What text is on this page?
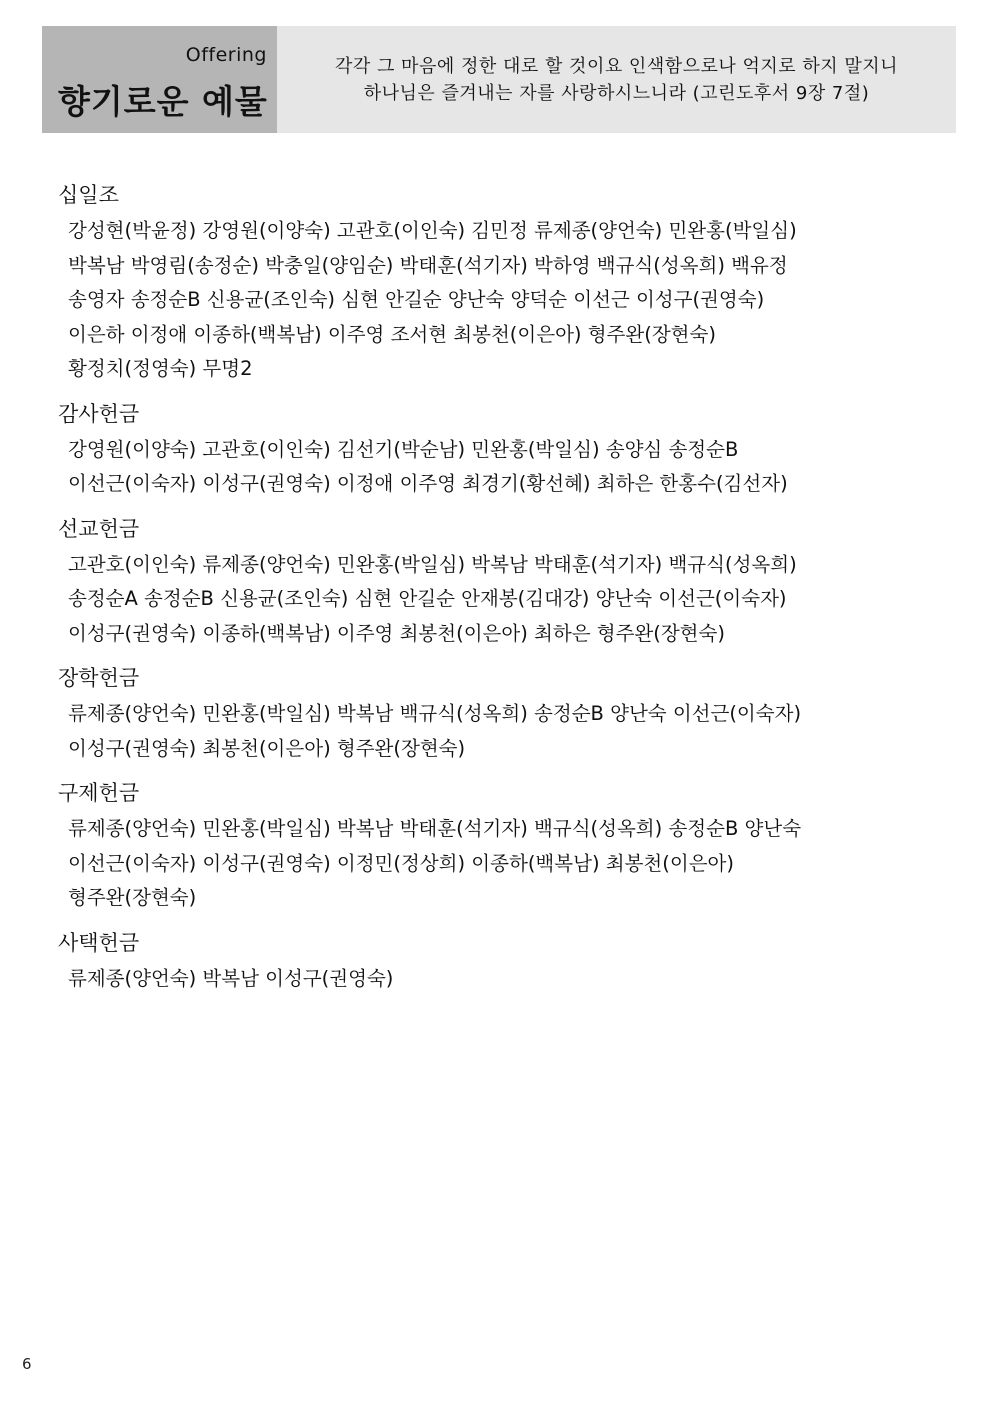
Offering
향기로운 예물
각각 그 마음에 정한 대로 할 것이요 인색함으로나 억지로 하지 말지니
하나님은 즐겨내는 자를 사랑하시느니라 (고린도후서 9장 7절)
십일조
강성현(박윤정) 강영원(이양숙) 고관호(이인숙) 김민정 류제종(양언숙) 민완홍(박일심)
박복남 박영림(송정순) 박충일(양임순) 박태훈(석기자) 박하영 백규식(성옥희) 백유정
송영자 송정순B 신용균(조인숙) 심현 안길순 양난숙 양덕순 이선근 이성구(권영숙)
이은하 이정애 이종하(백복남) 이주영 조서현 최봉천(이은아) 형주완(장현숙)
황정치(정영숙) 무명2
감사헌금
강영원(이양숙) 고관호(이인숙) 김선기(박순남) 민완홍(박일심) 송양심 송정순B
이선근(이숙자) 이성구(권영숙) 이정애 이주영 최경기(황선혜) 최하은 한홍수(김선자)
선교헌금
고관호(이인숙) 류제종(양언숙) 민완홍(박일심) 박복남 박태훈(석기자) 백규식(성옥희)
송정순A 송정순B 신용균(조인숙) 심현 안길순 안재봉(김대강) 양난숙 이선근(이숙자)
이성구(권영숙) 이종하(백복남) 이주영 최봉천(이은아) 최하은 형주완(장현숙)
장학헌금
류제종(양언숙) 민완홍(박일심) 박복남 백규식(성옥희) 송정순B 양난숙 이선근(이숙자)
이성구(권영숙) 최봉천(이은아) 형주완(장현숙)
구제헌금
류제종(양언숙) 민완홍(박일심) 박복남 박태훈(석기자) 백규식(성옥희) 송정순B 양난숙
이선근(이숙자) 이성구(권영숙) 이정민(정상희) 이종하(백복남) 최봉천(이은아)
형주완(장현숙)
사택헌금
류제종(양언숙) 박복남 이성구(권영숙)
6
